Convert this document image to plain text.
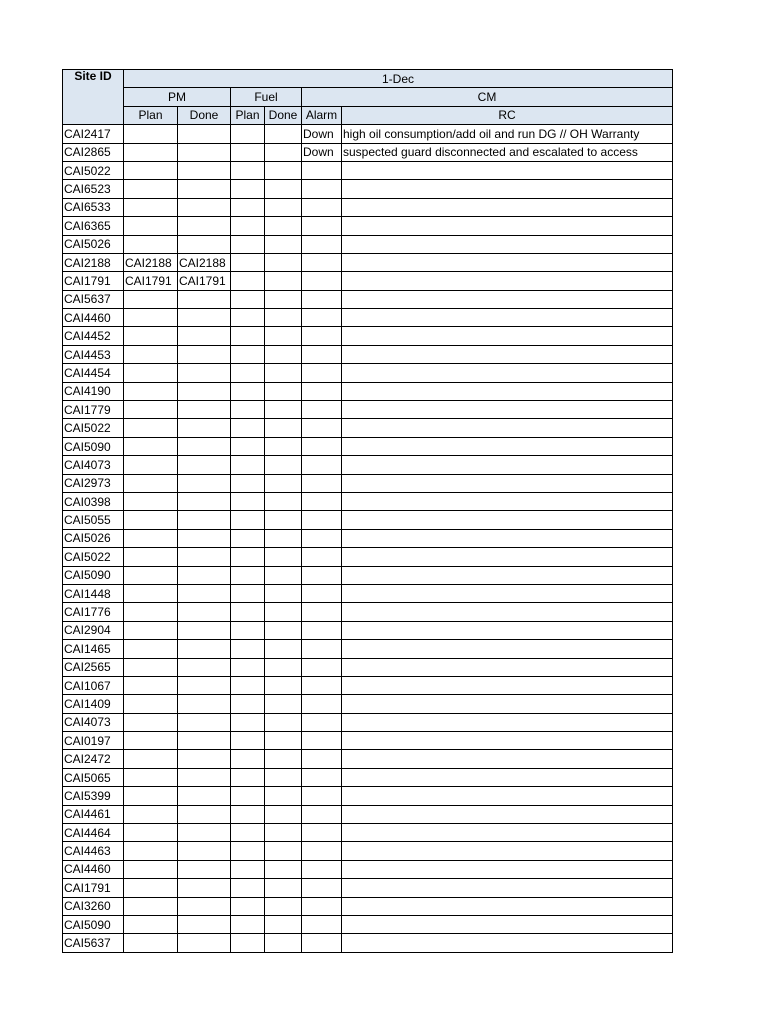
Site ID	1-Dec					
	PM		Fuel		CM	
	Plan	Done	Plan	Done	Alarm	RC
CAI2417					Down	high oil consumption/add oil and run DG // OH Warranty
CAI2865					Down	suspected guard disconnected and escalated to access
CAI5022						
CAI6523						
CAI6533						
CAI6365						
CAI5026						
CAI2188	CAI2188	CAI2188				
CAI1791	CAI1791	CAI1791				
CAI5637						
CAI4460						
CAI4452						
CAI4453						
CAI4454						
CAI4190						
CAI1779						
CAI5022						
CAI5090						
CAI4073						
CAI2973						
CAI0398						
CAI5055						
CAI5026						
CAI5022						
CAI5090						
CAI1448						
CAI1776						
CAI2904						
CAI1465						
CAI2565						
CAI1067						
CAI1409						
CAI4073						
CAI0197						
CAI2472						
CAI5065						
CAI5399						
CAI4461						
CAI4464						
CAI4463						
CAI4460						
CAI1791						
CAI3260						
CAI5090						
CAI5637						
